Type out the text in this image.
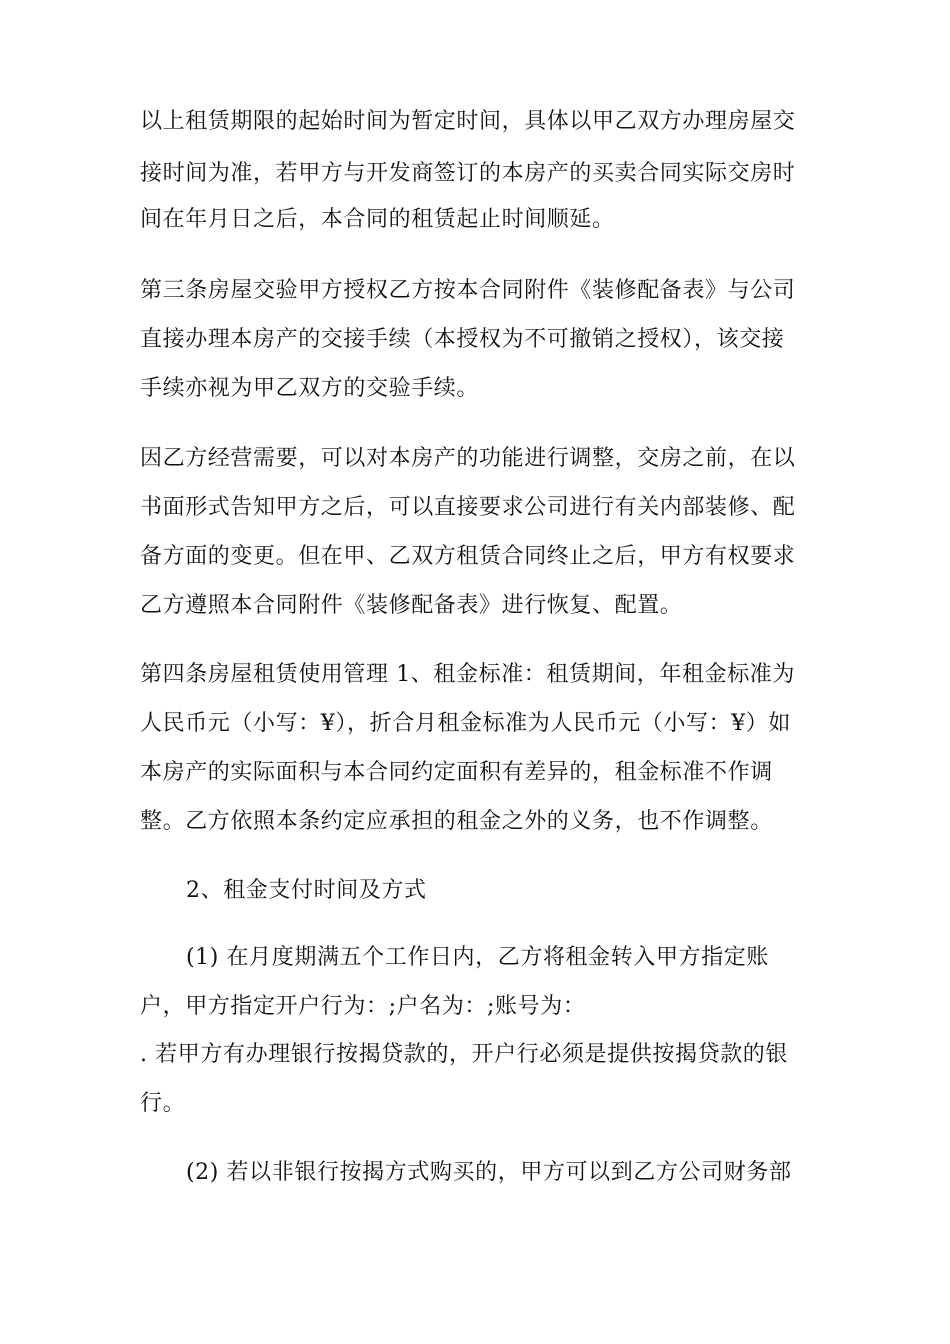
以上租赁期限的起始时间为暂定时间，具体以甲乙双方办理房屋交
接时间为准，若甲方与开发商签订的本房产的买卖合同实际交房时
间在年月日之后，本合同的租赁起止时间顺延。
第三条房屋交验甲方授权乙方按本合同附件《装修配备表》与公司
直接办理本房产的交接手续（本授权为不可撤销之授权），该交接
手续亦视为甲乙双方的交验手续。
因乙方经营需要，可以对本房产的功能进行调整，交房之前，在以
书面形式告知甲方之后，可以直接要求公司进行有关内部装修、配
备方面的变更。但在甲、乙双方租赁合同终止之后，甲方有权要求
乙方遵照本合同附件《装修配备表》进行恢复、配置。
第四条房屋租赁使用管理 1、租金标准：租赁期间，年租金标准为
人民币元（小写：¥），折合月租金标准为人民币元（小写：¥）如
本房产的实际面积与本合同约定面积有差异的，租金标准不作调
整。乙方依照本条约定应承担的租金之外的义务，也不作调整。
2、租金支付时间及方式
(1) 在月度期满五个工作日内，乙方将租金转入甲方指定账
户，甲方指定开户行为：;户名为：;账号为：
. 若甲方有办理银行按揭贷款的，开户行必须是提供按揭贷款的银
行。
(2) 若以非银行按揭方式购买的，甲方可以到乙方公司财务部
